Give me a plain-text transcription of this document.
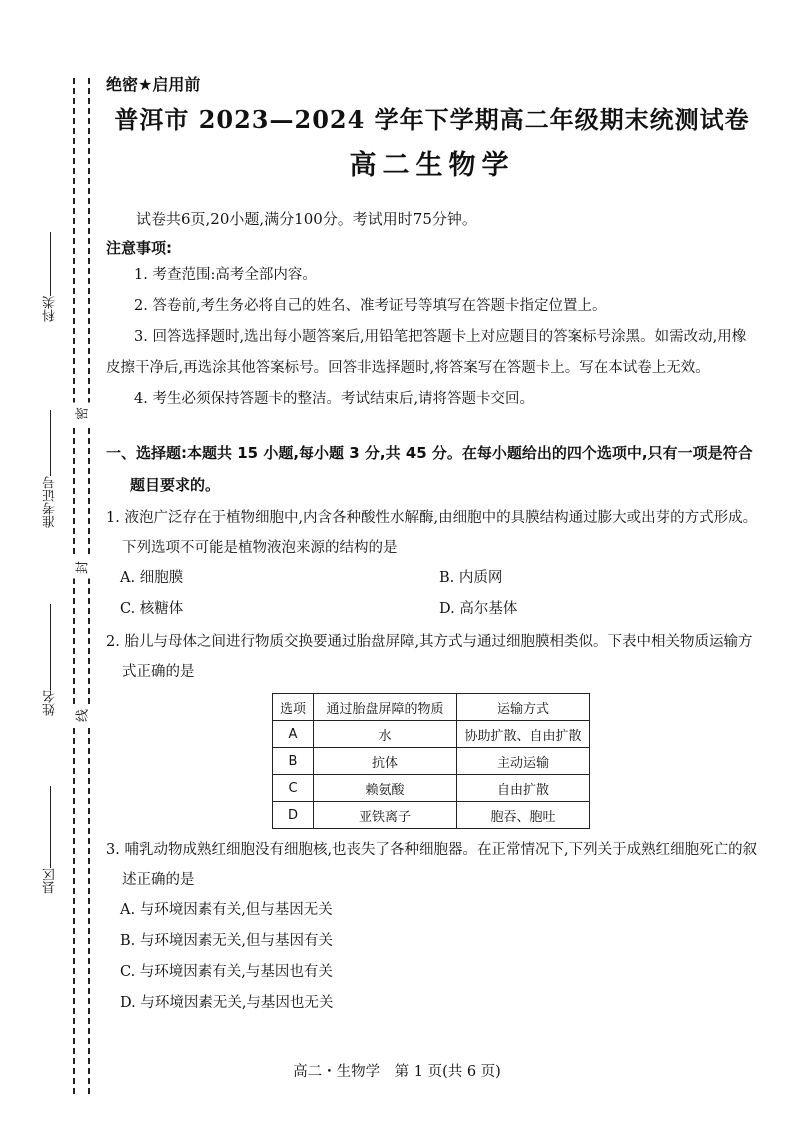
科类
准考证号
姓名
县区
密
封
线
绝密★启用前
普洱市 2023—2024 学年下学期高二年级期末统测试卷
高二生物学
试卷共6页,20小题,满分100分。考试用时75分钟。
注意事项:
1. 考查范围:高考全部内容。
2. 答卷前,考生务必将自己的姓名、准考证号等填写在答题卡指定位置上。
3. 回答选择题时,选出每小题答案后,用铅笔把答题卡上对应题目的答案标号涂黑。如需改动,用橡皮擦干净后,再选涂其他答案标号。回答非选择题时,将答案写在答题卡上。写在本试卷上无效。
4. 考生必须保持答题卡的整洁。考试结束后,请将答题卡交回。
一、选择题:本题共 15 小题,每小题 3 分,共 45 分。在每小题给出的四个选项中,只有一项是符合题目要求的。
1. 液泡广泛存在于植物细胞中,内含各种酸性水解酶,由细胞中的具膜结构通过膨大或出芽的方式形成。下列选项不可能是植物液泡来源的结构的是
A. 细胞膜	B. 内质网
C. 核糖体	D. 高尔基体
2. 胎儿与母体之间进行物质交换要通过胎盘屏障,其方式与通过细胞膜相类似。下表中相关物质运输方式正确的是
选项	通过胎盘屏障的物质	运输方式
A	水	协助扩散、自由扩散
B	抗体	主动运输
C	赖氨酸	自由扩散
D	亚铁离子	胞吞、胞吐
3. 哺乳动物成熟红细胞没有细胞核,也丧失了各种细胞器。在正常情况下,下列关于成熟红细胞死亡的叙述正确的是
A. 与环境因素有关,但与基因无关
B. 与环境因素无关,但与基因有关
C. 与环境因素有关,与基因也有关
D. 与环境因素无关,与基因也无关
高二・生物学　第 1 页(共 6 页)
